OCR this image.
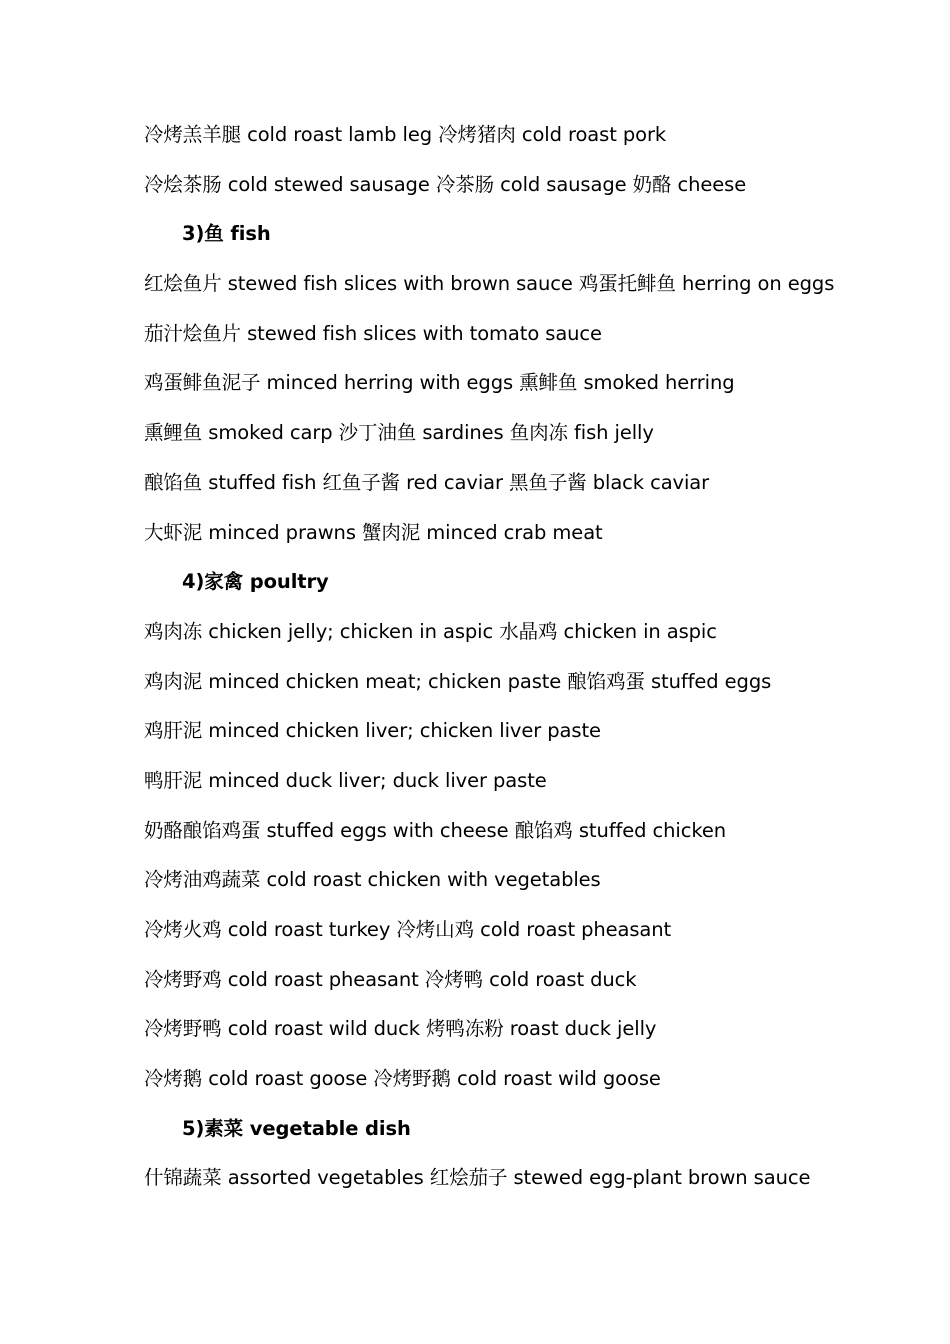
冷烤羔羊腿 cold roast lamb leg 冷烤猪肉 cold roast pork
冷烩茶肠 cold stewed sausage 冷茶肠 cold sausage 奶酪 cheese
3)鱼 fish
红烩鱼片 stewed fish slices with brown sauce 鸡蛋托鲱鱼 herring on eggs
茄汁烩鱼片 stewed fish slices with tomato sauce
鸡蛋鲱鱼泥子 minced herring with eggs 熏鲱鱼 smoked herring
熏鲤鱼 smoked carp 沙丁油鱼 sardines 鱼肉冻 fish jelly
酿馅鱼 stuffed fish 红鱼子酱 red caviar 黑鱼子酱 black caviar
大虾泥 minced prawns 蟹肉泥 minced crab meat
4)家禽 poultry
鸡肉冻 chicken jelly; chicken in aspic 水晶鸡 chicken in aspic
鸡肉泥 minced chicken meat; chicken paste 酿馅鸡蛋 stuffed eggs
鸡肝泥 minced chicken liver; chicken liver paste
鸭肝泥 minced duck liver; duck liver paste
奶酪酿馅鸡蛋 stuffed eggs with cheese 酿馅鸡 stuffed chicken
冷烤油鸡蔬菜 cold roast chicken with vegetables
冷烤火鸡 cold roast turkey 冷烤山鸡 cold roast pheasant
冷烤野鸡 cold roast pheasant 冷烤鸭 cold roast duck
冷烤野鸭 cold roast wild duck 烤鸭冻粉 roast duck jelly
冷烤鹅 cold roast goose 冷烤野鹅 cold roast wild goose
5)素菜 vegetable dish
什锦蔬菜 assorted vegetables 红烩茄子 stewed egg-plant brown sauce
